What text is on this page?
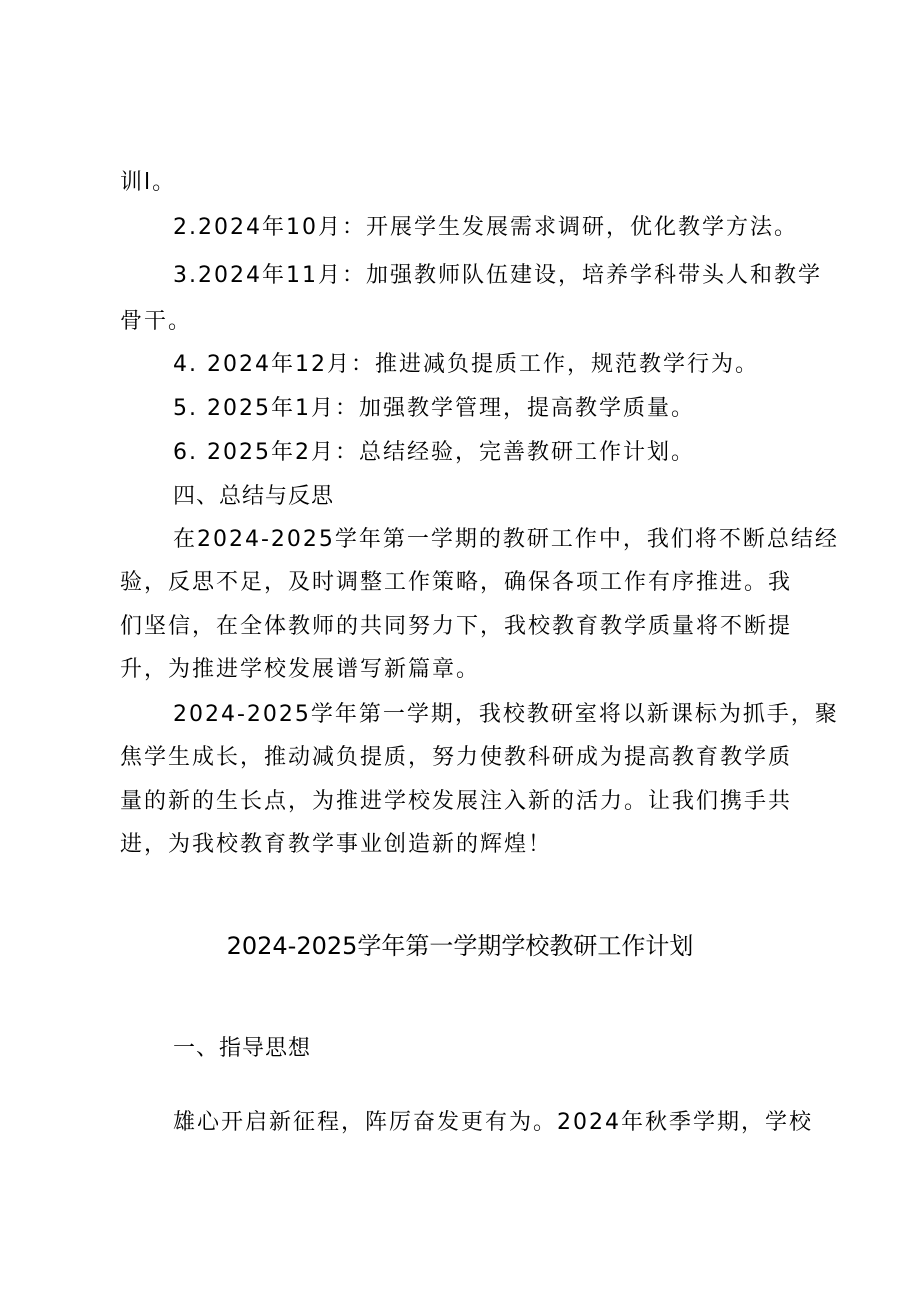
训l。
2.2024年10月：开展学生发展需求调研，优化教学方法。
3.2024年11月：加强教师队伍建设，培养学科带头人和教学
骨干。
4. 2024年12月：推进减负提质工作，规范教学行为。
5. 2025年1月：加强教学管理，提高教学质量。
6. 2025年2月：总结经验，完善教研工作计划。
四、总结与反思
在2024-2025学年第一学期的教研工作中，我们将不断总结经
验，反思不足，及时调整工作策略，确保各项工作有序推进。我
们坚信，在全体教师的共同努力下，我校教育教学质量将不断提
升，为推进学校发展谱写新篇章。
2024-2025学年第一学期，我校教研室将以新课标为抓手，聚
焦学生成长，推动减负提质，努力使教科研成为提高教育教学质
量的新的生长点，为推进学校发展注入新的活力。让我们携手共
进，为我校教育教学事业创造新的辉煌！
2024-2025学年第一学期学校教研工作计划
一、指导思想
雄心开启新征程，阵厉奋发更有为。2024年秋季学期，学校
